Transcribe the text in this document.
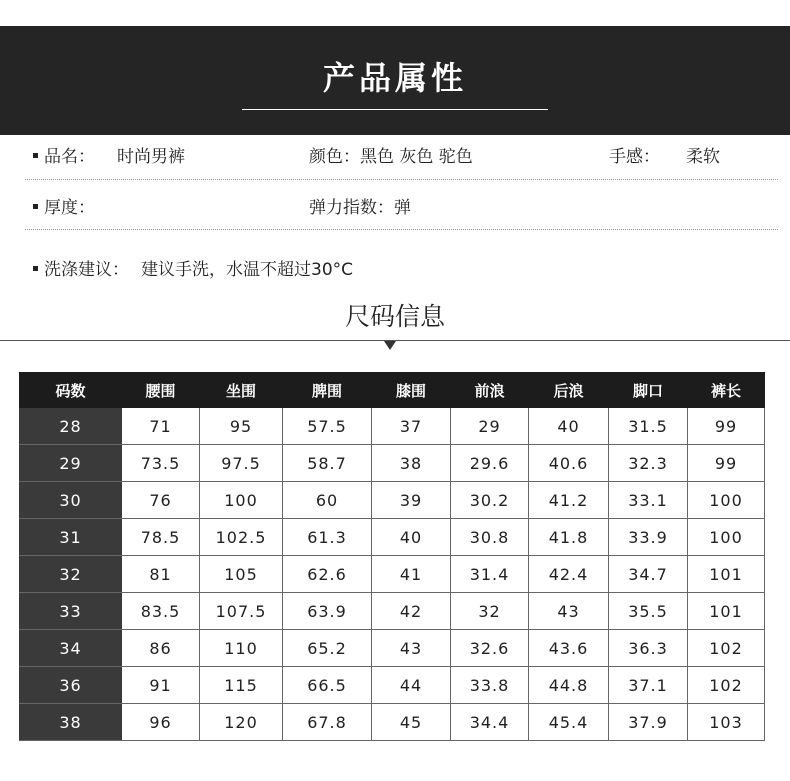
产品属性
品名： 时尚男裤	颜色：黑色 灰色 驼色	手感： 柔软
厚度：	弹力指数：弹
洗涤建议： 建议手洗，水温不超过30°C
尺码信息
码数	腰围	坐围	脾围	膝围	前浪	后浪	脚口	裤长
28	71	95	57.5	37	29	40	31.5	99
29	73.5	97.5	58.7	38	29.6	40.6	32.3	99
30	76	100	60	39	30.2	41.2	33.1	100
31	78.5	102.5	61.3	40	30.8	41.8	33.9	100
32	81	105	62.6	41	31.4	42.4	34.7	101
33	83.5	107.5	63.9	42	32	43	35.5	101
34	86	110	65.2	43	32.6	43.6	36.3	102
36	91	115	66.5	44	33.8	44.8	37.1	102
38	96	120	67.8	45	34.4	45.4	37.9	103
